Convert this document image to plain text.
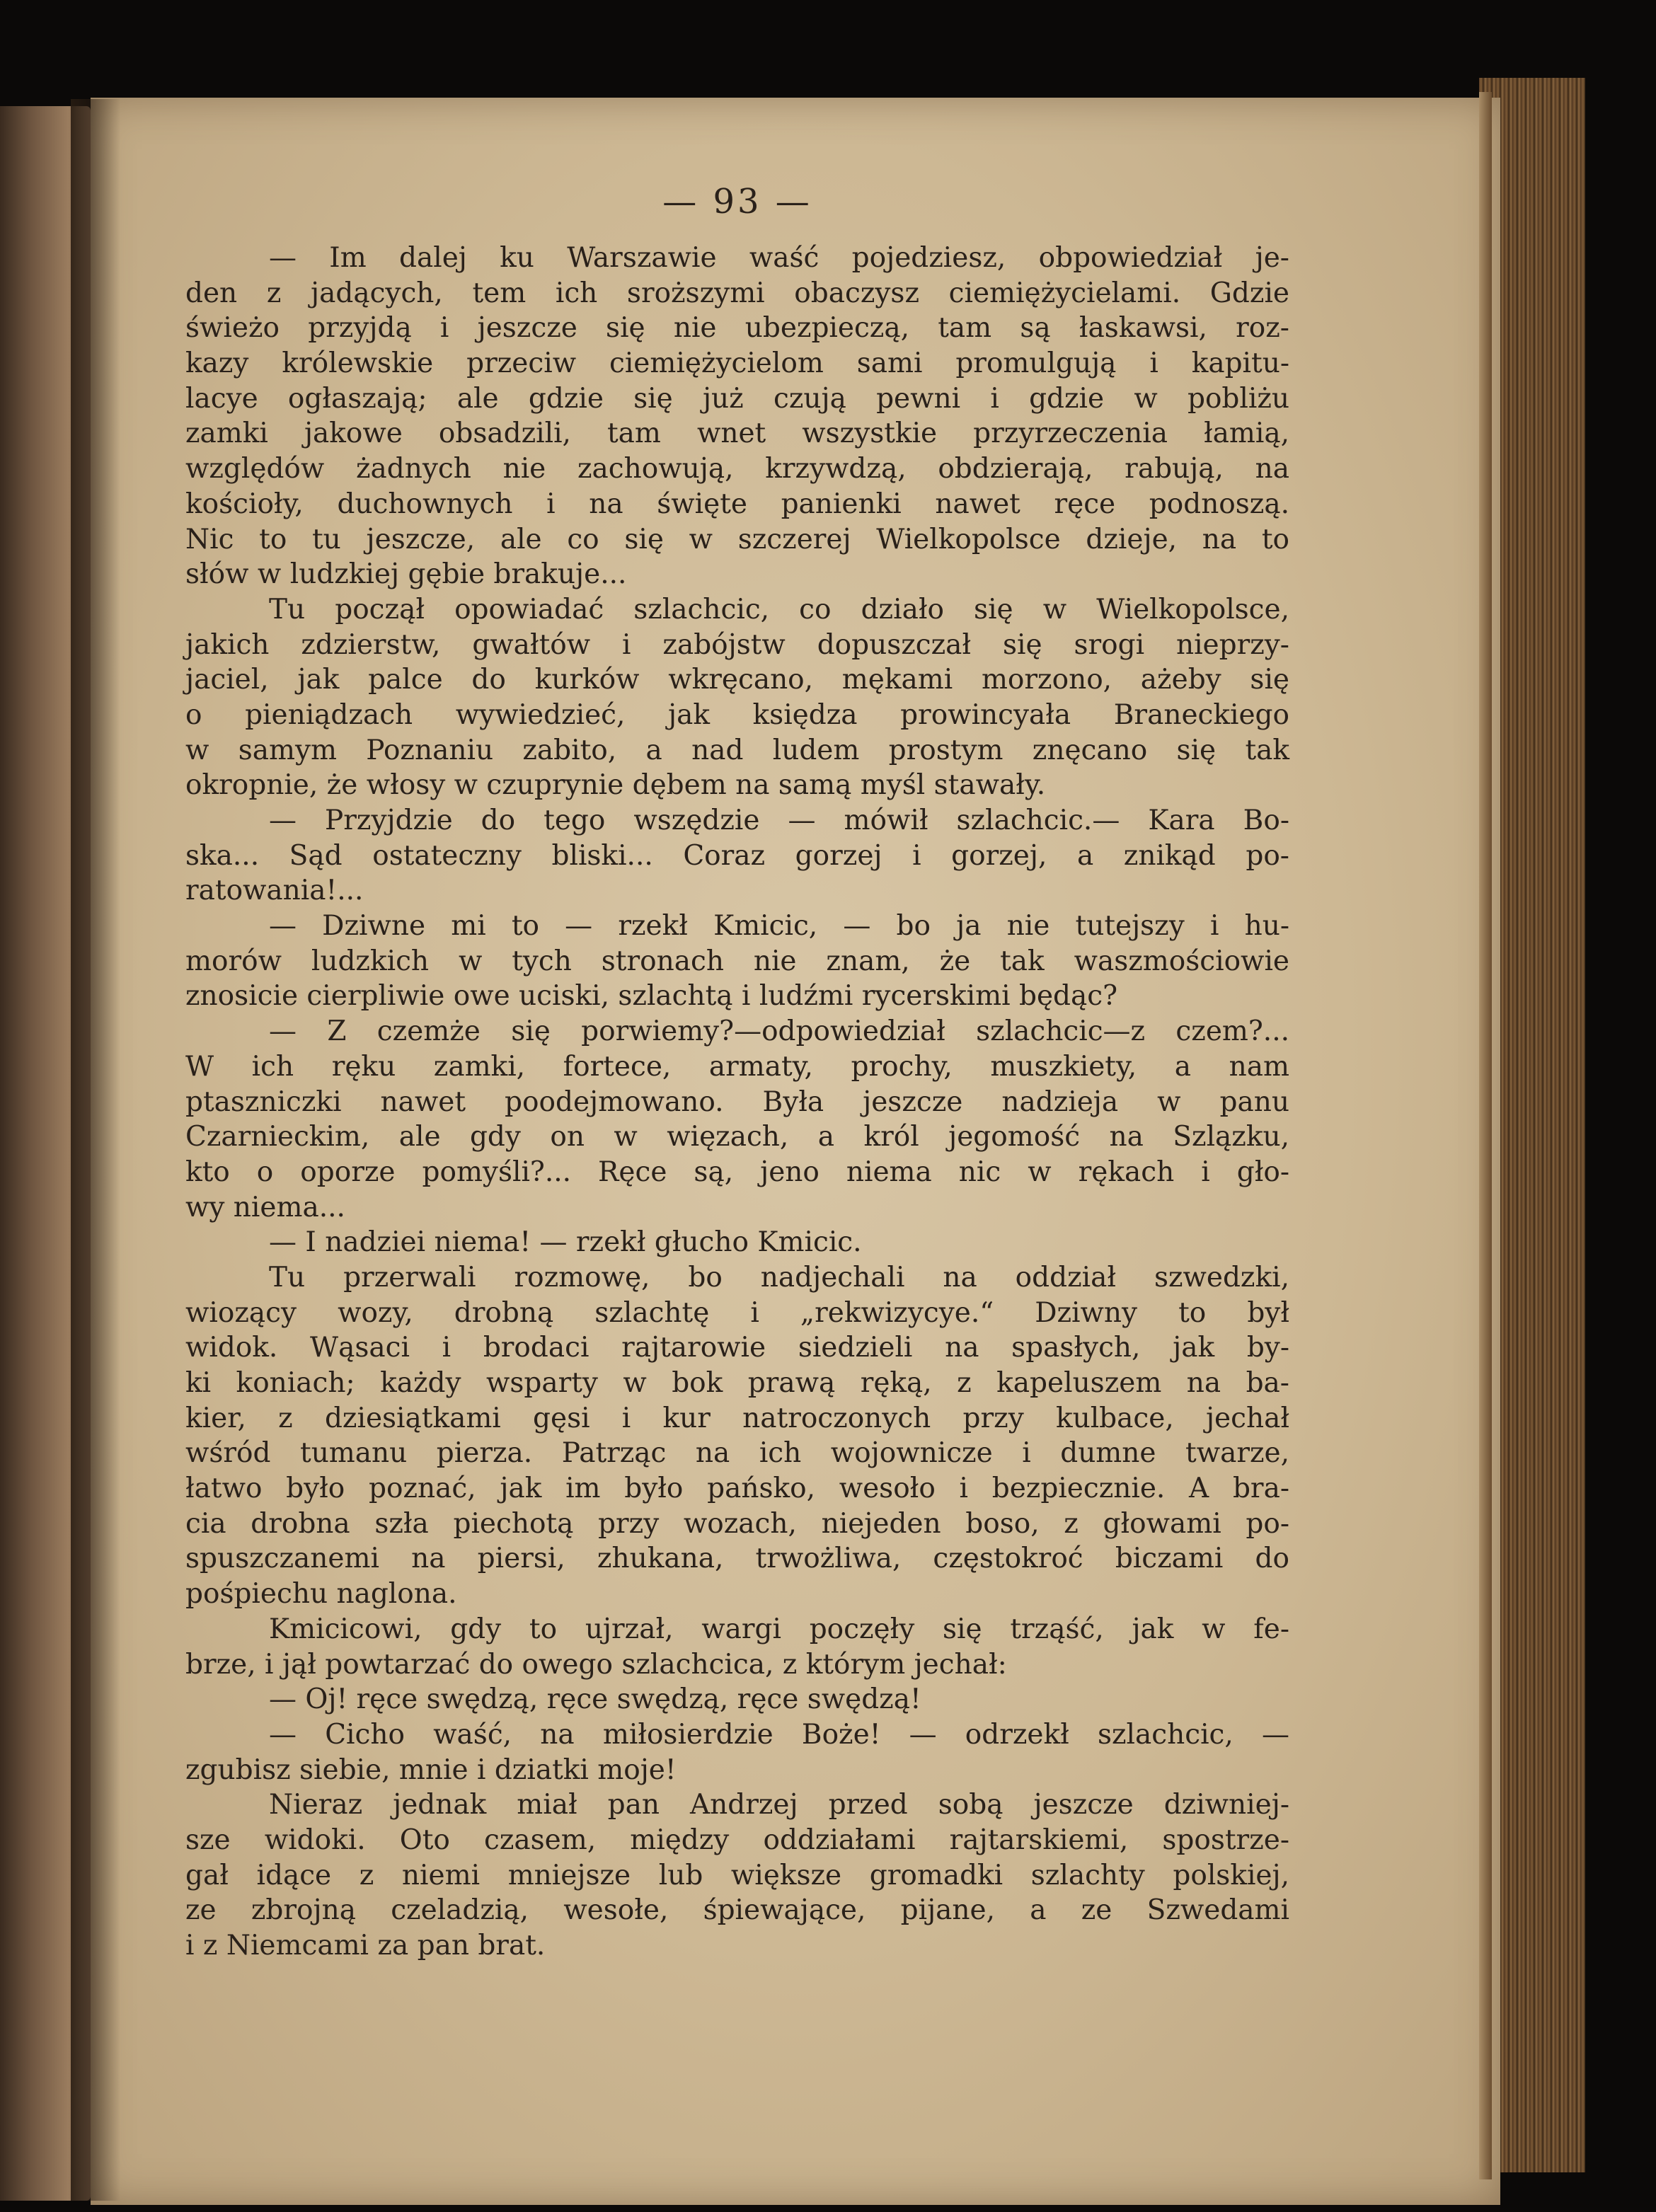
— 93 —
— Im dalej ku Warszawie waść pojedziesz, obpowiedział je-
den z jadących, tem ich sroższymi obaczysz ciemiężycielami. Gdzie
świeżo przyjdą i jeszcze się nie ubezpieczą, tam są łaskawsi, roz-
kazy królewskie przeciw ciemiężycielom sami promulgują i kapitu-
lacye ogłaszają; ale gdzie się już czują pewni i gdzie w pobliżu
zamki jakowe obsadzili, tam wnet wszystkie przyrzeczenia łamią,
względów żadnych nie zachowują, krzywdzą, obdzierają, rabują, na
kościoły, duchownych i na święte panienki nawet ręce podnoszą.
Nic to tu jeszcze, ale co się w szczerej Wielkopolsce dzieje, na to
słów w ludzkiej gębie brakuje...
Tu począł opowiadać szlachcic, co działo się w Wielkopolsce,
jakich zdzierstw, gwałtów i zabójstw dopuszczał się srogi nieprzy-
jaciel, jak palce do kurków wkręcano, mękami morzono, ażeby się
o pieniądzach wywiedzieć, jak księdza prowincyała Braneckiego
w samym Poznaniu zabito, a nad ludem prostym znęcano się tak
okropnie, że włosy w czuprynie dębem na samą myśl stawały.
— Przyjdzie do tego wszędzie — mówił szlachcic.— Kara Bo-
ska... Sąd ostateczny bliski... Coraz gorzej i gorzej, a znikąd po-
ratowania!...
— Dziwne mi to — rzekł Kmicic, — bo ja nie tutejszy i hu-
morów ludzkich w tych stronach nie znam, że tak waszmościowie
znosicie cierpliwie owe uciski, szlachtą i ludźmi rycerskimi będąc?
— Z czemże się porwiemy?—odpowiedział szlachcic—z czem?...
W ich ręku zamki, fortece, armaty, prochy, muszkiety, a nam
ptaszniczki nawet poodejmowano. Była jeszcze nadzieja w panu
Czarnieckim, ale gdy on w więzach, a król jegomość na Szlązku,
kto o oporze pomyśli?... Ręce są, jeno niema nic w rękach i gło-
wy niema...
— I nadziei niema! — rzekł głucho Kmicic.
Tu przerwali rozmowę, bo nadjechali na oddział szwedzki,
wiozący wozy, drobną szlachtę i „rekwizycye.“ Dziwny to był
widok. Wąsaci i brodaci rajtarowie siedzieli na spasłych, jak by-
ki koniach; każdy wsparty w bok prawą ręką, z kapeluszem na ba-
kier, z dziesiątkami gęsi i kur natroczonych przy kulbace, jechał
wśród tumanu pierza. Patrząc na ich wojownicze i dumne twarze,
łatwo było poznać, jak im było pańsko, wesoło i bezpiecznie. A bra-
cia drobna szła piechotą przy wozach, niejeden boso, z głowami po-
spuszczanemi na piersi, zhukana, trwożliwa, częstokroć biczami do
pośpiechu naglona.
Kmicicowi, gdy to ujrzał, wargi poczęły się trząść, jak w fe-
brze, i jął powtarzać do owego szlachcica, z którym jechał:
— Oj! ręce swędzą, ręce swędzą, ręce swędzą!
— Cicho waść, na miłosierdzie Boże! — odrzekł szlachcic, —
zgubisz siebie, mnie i dziatki moje!
Nieraz jednak miał pan Andrzej przed sobą jeszcze dziwniej-
sze widoki. Oto czasem, między oddziałami rajtarskiemi, spostrze-
gał idące z niemi mniejsze lub większe gromadki szlachty polskiej,
ze zbrojną czeladzią, wesołe, śpiewające, pijane, a ze Szwedami
i z Niemcami za pan brat.
